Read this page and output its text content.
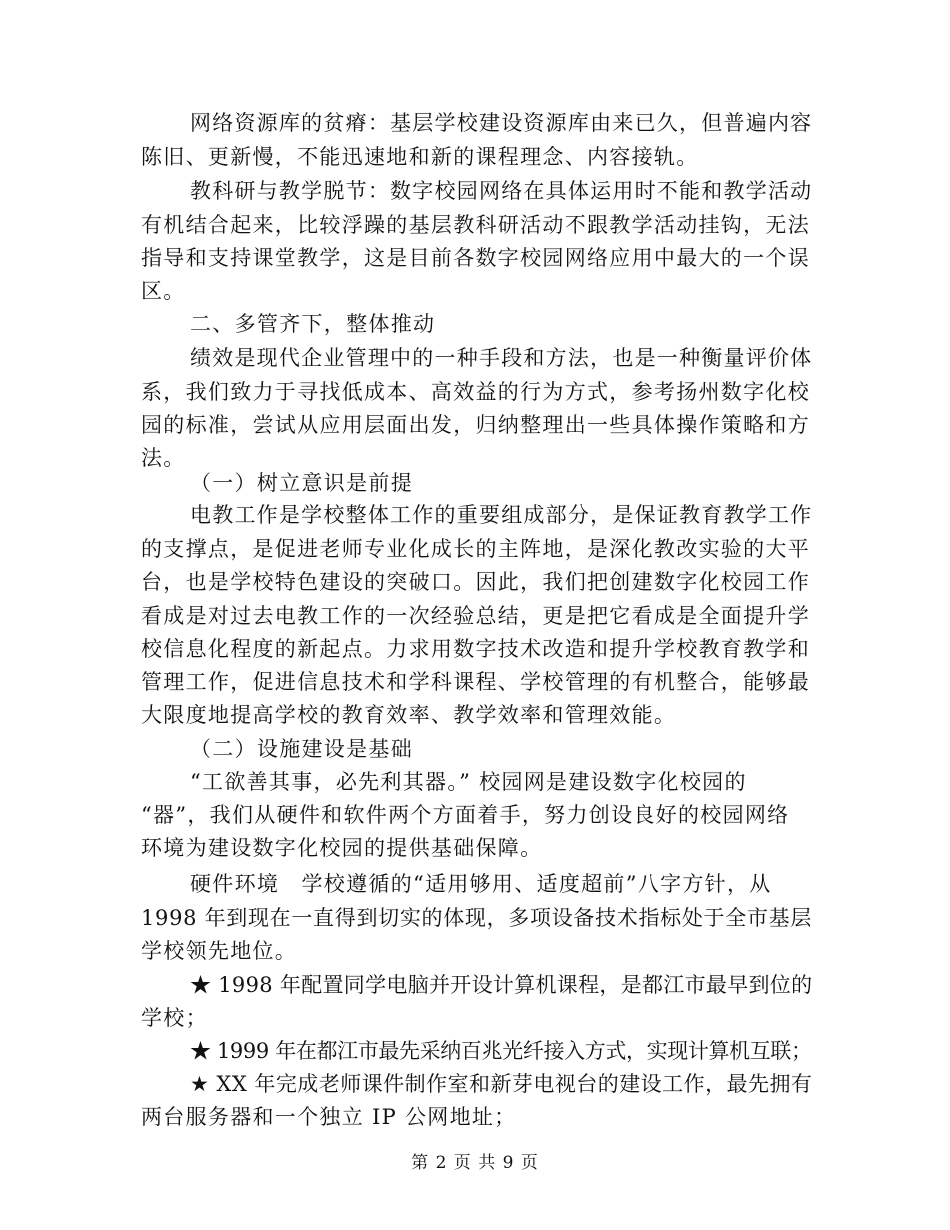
网络资源库的贫瘠：基层学校建设资源库由来已久，但普遍内容
陈旧、更新慢，不能迅速地和新的课程理念、内容接轨。
教科研与教学脱节：数字校园网络在具体运用时不能和教学活动
有机结合起来，比较浮躁的基层教科研活动不跟教学活动挂钩，无法
指导和支持课堂教学，这是目前各数字校园网络应用中最大的一个误
区。
二、多管齐下，整体推动
绩效是现代企业管理中的一种手段和方法，也是一种衡量评价体
系，我们致力于寻找低成本、高效益的行为方式，参考扬州数字化校
园的标准，尝试从应用层面出发，归纳整理出一些具体操作策略和方
法。
（一）树立意识是前提
电教工作是学校整体工作的重要组成部分，是保证教育教学工作
的支撑点，是促进老师专业化成长的主阵地，是深化教改实验的大平
台，也是学校特色建设的突破口。因此，我们把创建数字化校园工作
看成是对过去电教工作的一次经验总结，更是把它看成是全面提升学
校信息化程度的新起点。力求用数字技术改造和提升学校教育教学和
管理工作，促进信息技术和学科课程、学校管理的有机整合，能够最
大限度地提高学校的教育效率、教学效率和管理效能。
（二）设施建设是基础
“工欲善其事，必先利其器。” 校园网是建设数字化校园的
“器”，我们从硬件和软件两个方面着手，努力创设良好的校园网络
环境为建设数字化校园的提供基础保障。
硬件环境　学校遵循的“适用够用、适度超前”八字方针，从
1998 年到现在一直得到切实的体现，多项设备技术指标处于全市基层
学校领先地位。
★ 1998 年配置同学电脑并开设计算机课程，是都江市最早到位的
学校；
★ 1999 年在都江市最先采纳百兆光纤接入方式，实现计算机互联；
★ XX 年完成老师课件制作室和新芽电视台的建设工作，最先拥有
两台服务器和一个独立 IP 公网地址；
第 2 页 共 9 页
